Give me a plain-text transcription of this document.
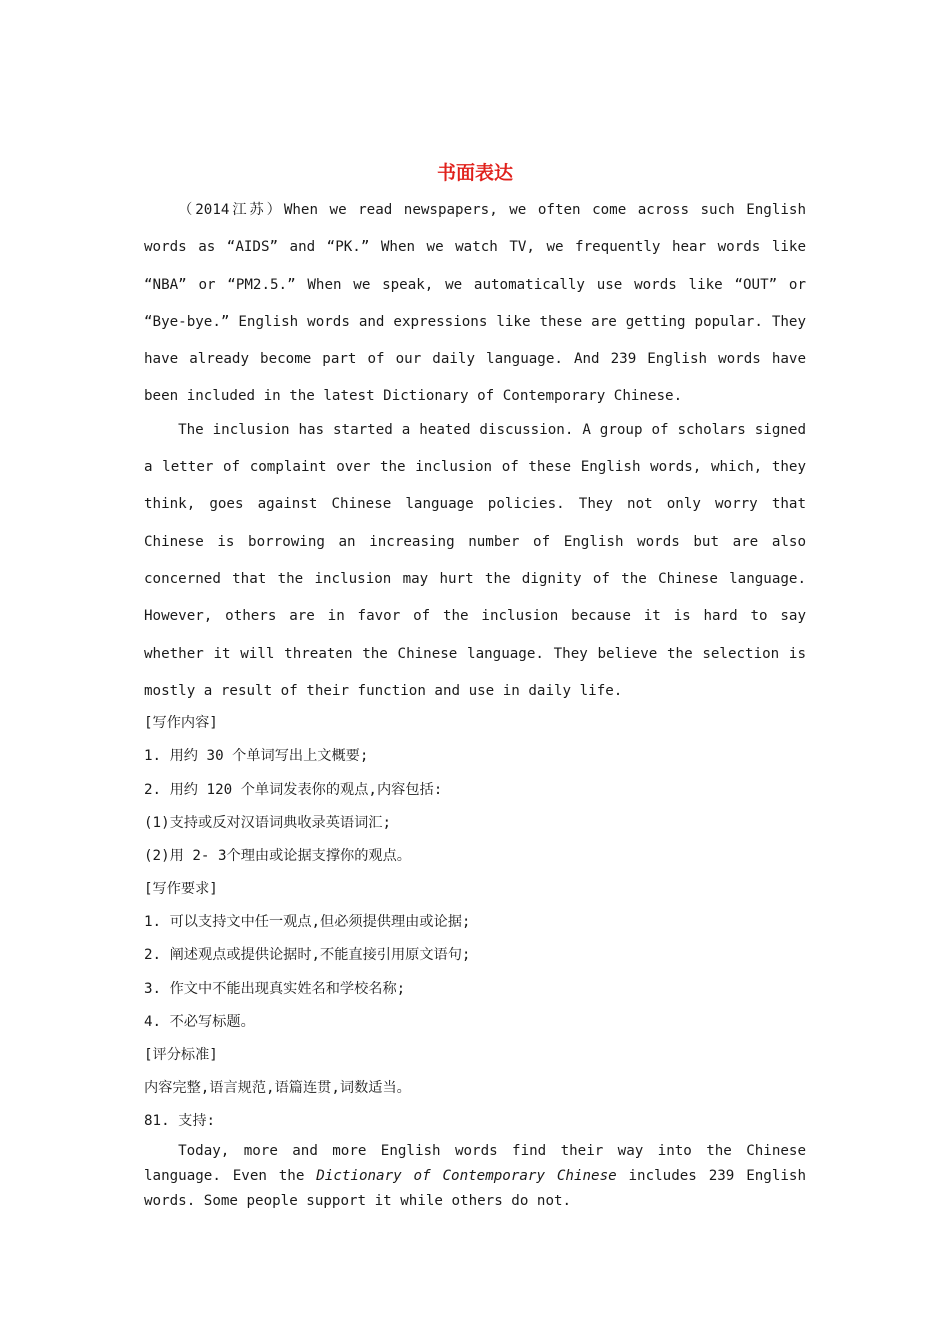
书面表达

（2014江苏）When we read newspapers, we often come across such English words as “AIDS” and “PK.” When we watch TV, we frequently hear words like “NBA” or “PM2.5.” When we speak, we automatically use words like “OUT” or “Bye-bye.” English words and expressions like these are getting popular. They have already become part of our daily language. And 239 English words have been included in the latest Dictionary of Contemporary Chinese.

The inclusion has started a heated discussion. A group of scholars signed a letter of complaint over the inclusion of these English words, which, they think, goes against Chinese language policies. They not only worry that Chinese is borrowing an increasing number of English words but are also concerned that the inclusion may hurt the dignity of the Chinese language. However, others are in favor of the inclusion because it is hard to say whether it will threaten the Chinese language. They believe the selection is mostly a result of their function and use in daily life.

[写作内容]
1. 用约 30 个单词写出上文概要;
2. 用约 120 个单词发表你的观点,内容包括:
(1)支持或反对汉语词典收录英语词汇;
(2)用 2- 3个理由或论据支撑你的观点。
[写作要求]
1. 可以支持文中任一观点,但必须提供理由或论据;
2. 阐述观点或提供论据时,不能直接引用原文语句;
3. 作文中不能出现真实姓名和学校名称;
4. 不必写标题。
[评分标准]
内容完整,语言规范,语篇连贯,词数适当。
81. 支持:

Today, more and more English words find their way into the Chinese language. Even the Dictionary of Contemporary Chinese includes 239 English words. Some people support it while others do not.
